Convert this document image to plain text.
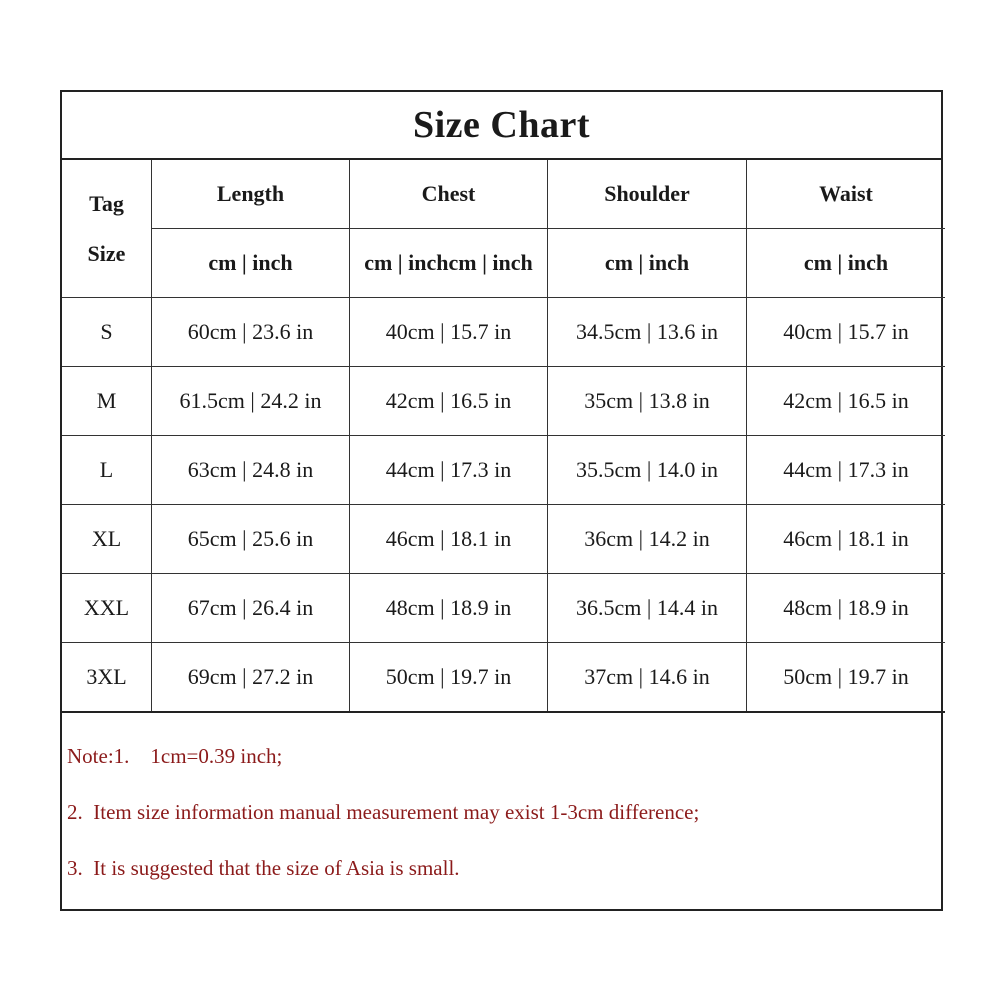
Size Chart
Tag
Size	Length	Chest	Shoulder	Waist
	cm | inch	cm | inchcm | inch	cm | inch	cm | inch
S	60cm | 23.6 in	40cm | 15.7 in	34.5cm | 13.6 in	40cm | 15.7 in
M	61.5cm | 24.2 in	42cm | 16.5 in	35cm | 13.8 in	42cm | 16.5 in
L	63cm | 24.8 in	44cm | 17.3 in	35.5cm | 14.0 in	44cm | 17.3 in
XL	65cm | 25.6 in	46cm | 18.1 in	36cm | 14.2 in	46cm | 18.1 in
XXL	67cm | 26.4 in	48cm | 18.9 in	36.5cm | 14.4 in	48cm | 18.9 in
3XL	69cm | 27.2 in	50cm | 19.7 in	37cm | 14.6 in	50cm | 19.7 in
Note:1.    1cm=0.39 inch;
2.  Item size information manual measurement may exist 1-3cm difference;
3.  It is suggested that the size of Asia is small.
